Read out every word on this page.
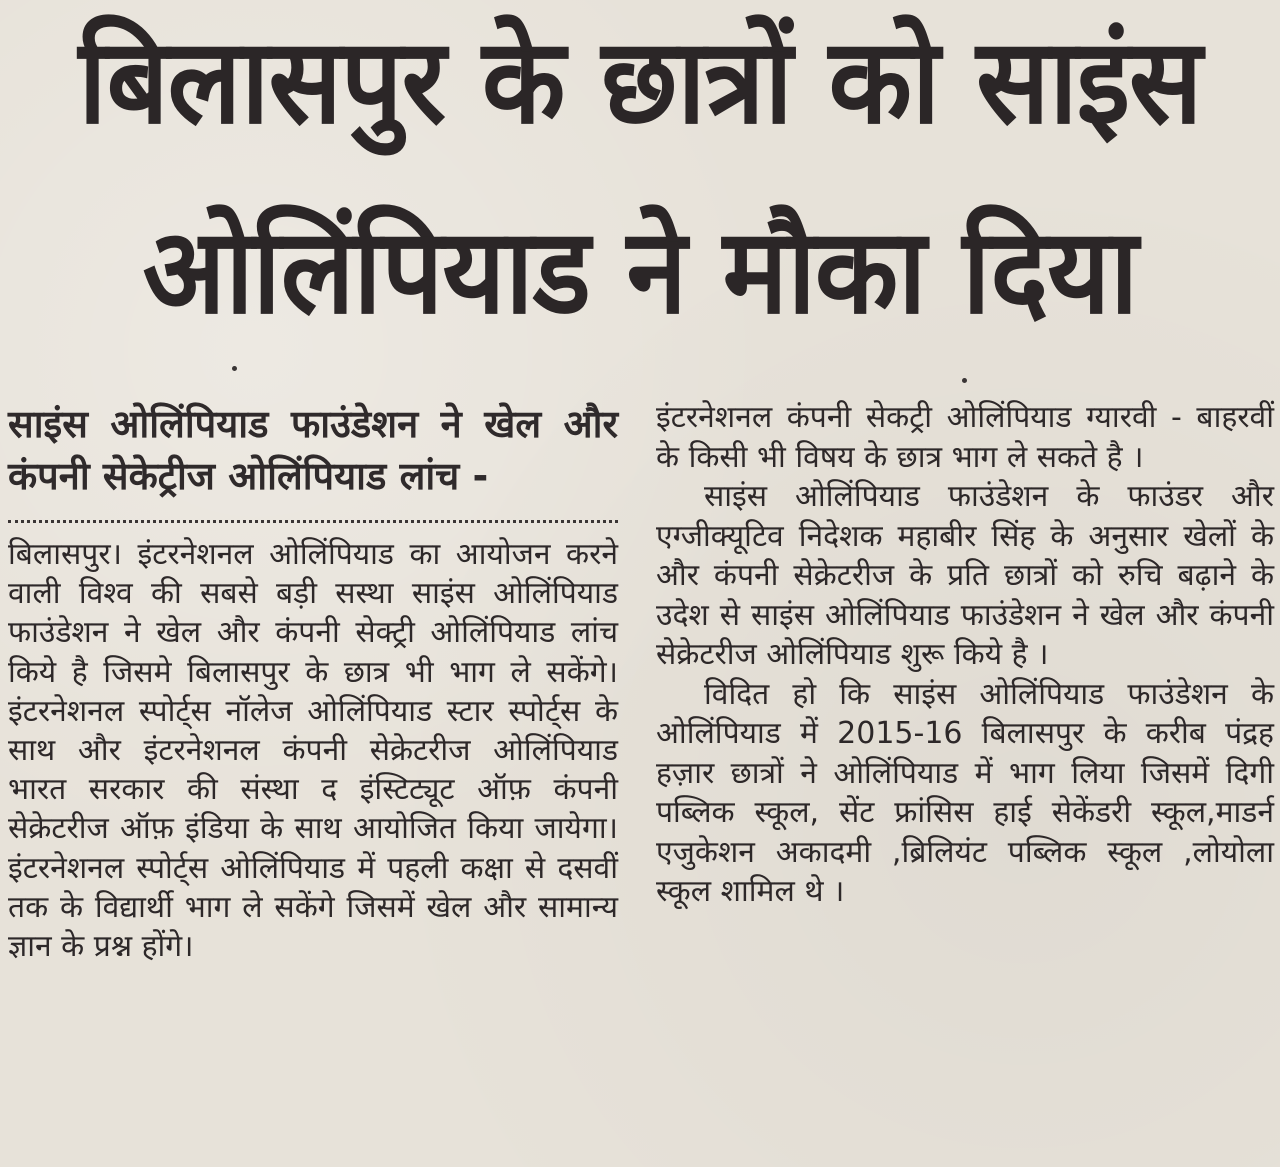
बिलासपुर के छात्रों को साइंस
ओलिंपियाड ने मौका दिया

साइंस ओलिंपियाड फाउंडेशन ने खेल और कंपनी सेकेट्रीज ओलिंपियाड लांच -

बिलासपुर। इंटरनेशनल ओलिंपियाड का आयोजन करने वाली विश्व की सबसे बड़ी सस्था साइंस ओलिंपियाड फाउंडेशन ने खेल और कंपनी सेक्ट्री ओलिंपियाड लांच किये है जिसमे बिलासपुर के छात्र भी भाग ले सकेंगे। इंटरनेशनल स्पोर्ट्स नॉलेज ओलिंपियाड स्टार स्पोर्ट्स के साथ और इंटरनेशनल कंपनी सेक्रेटरीज ओलिंपियाड भारत सरकार की संस्था द इंस्टिट्यूट ऑफ़ कंपनी सेक्रेटरीज ऑफ़ इंडिया के साथ आयोजित किया जायेगा।इंटरनेशनल स्पोर्ट्स ओलिंपियाड में पहली कक्षा से दसवीं तक के विद्यार्थी भाग ले सकेंगे जिसमें खेल और सामान्य ज्ञान के प्रश्न होंगे।

इंटरनेशनल कंपनी सेकट्री ओलिंपियाड ग्यारवी - बाहरवीं के किसी भी विषय के छात्र भाग ले सकते है ।

साइंस ओलिंपियाड फाउंडेशन के फाउंडर और एग्जीक्यूटिव निदेशक महाबीर सिंह के अनुसार खेलों के और कंपनी सेक्रेटरीज के प्रति छात्रों को रुचि बढ़ाने के उदेश से साइंस ओलिंपियाड फाउंडेशन ने खेल और कंपनी सेक्रेटरीज ओलिंपियाड शुरू किये है ।

विदित हो कि साइंस ओलिंपियाड फाउंडेशन के ओलिंपियाड में 2015-16 बिलासपुर के करीब पंद्रह हज़ार छात्रों ने ओलिंपियाड में भाग लिया जिसमें दिगी पब्लिक स्कूल, सेंट फ्रांसिस हाई सेकेंडरी स्कूल,माडर्न एजुकेशन अकादमी ,ब्रिलियंट पब्लिक स्कूल ,लोयोला स्कूल शामिल थे ।
